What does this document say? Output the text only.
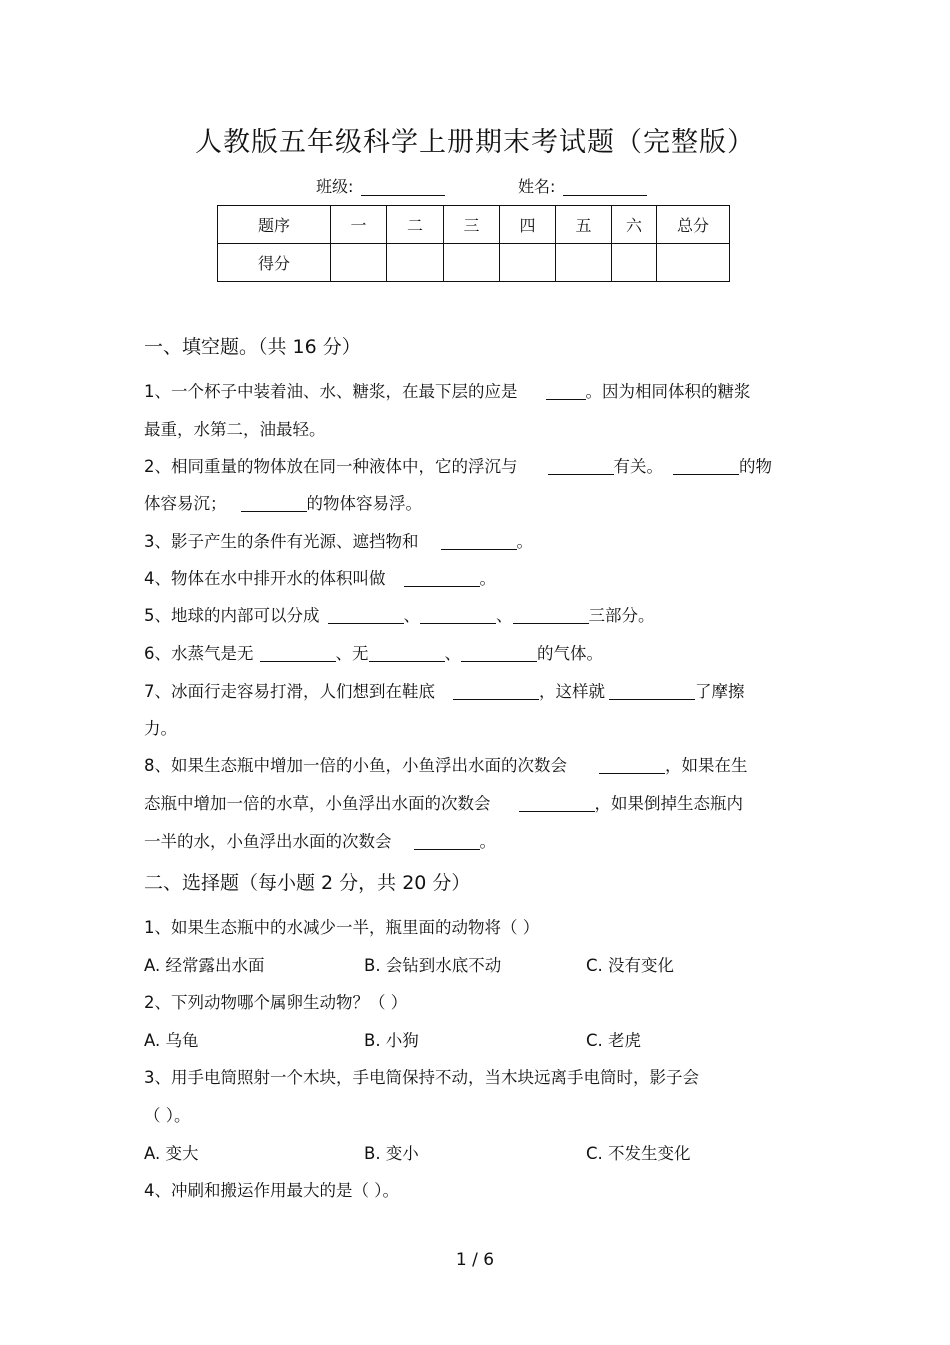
人教版五年级科学上册期末考试题（完整版）
班级:	姓名:
题序	一	二	三	四	五	六	总分
得分							
一、填空题。（共 16 分）
1、一个杯子中装着油、水、糖浆，在最下层的应是	。因为相同体积的糖浆
最重，水第二，油最轻。
2、相同重量的物体放在同一种液体中，它的浮沉与	有关。	的物
体容易沉；	的物体容易浮。
3、影子产生的条件有光源、遮挡物和	。
4、物体在水中排开水的体积叫做	。
5、地球的内部可以分成	、	、	三部分。
6、水蒸气是无	、无	、	的气体。
7、冰面行走容易打滑，人们想到在鞋底	，这样就	了摩擦
力。
8、如果生态瓶中增加一倍的小鱼，小鱼浮出水面的次数会	，如果在生
态瓶中增加一倍的水草，小鱼浮出水面的次数会	，如果倒掉生态瓶内
一半的水，小鱼浮出水面的次数会	。
二、选择题（每小题 2 分，共 20 分）
1、如果生态瓶中的水减少一半，瓶里面的动物将（ ）
A. 经常露出水面	B. 会钻到水底不动	C. 没有变化
2、下列动物哪个属卵生动物？（ ）
A. 乌龟	B. 小狗	C. 老虎
3、用手电筒照射一个木块，手电筒保持不动，当木块远离手电筒时，影子会
（ ）。
A. 变大	B. 变小	C. 不发生变化
4、冲刷和搬运作用最大的是（ ）。
1 / 6
